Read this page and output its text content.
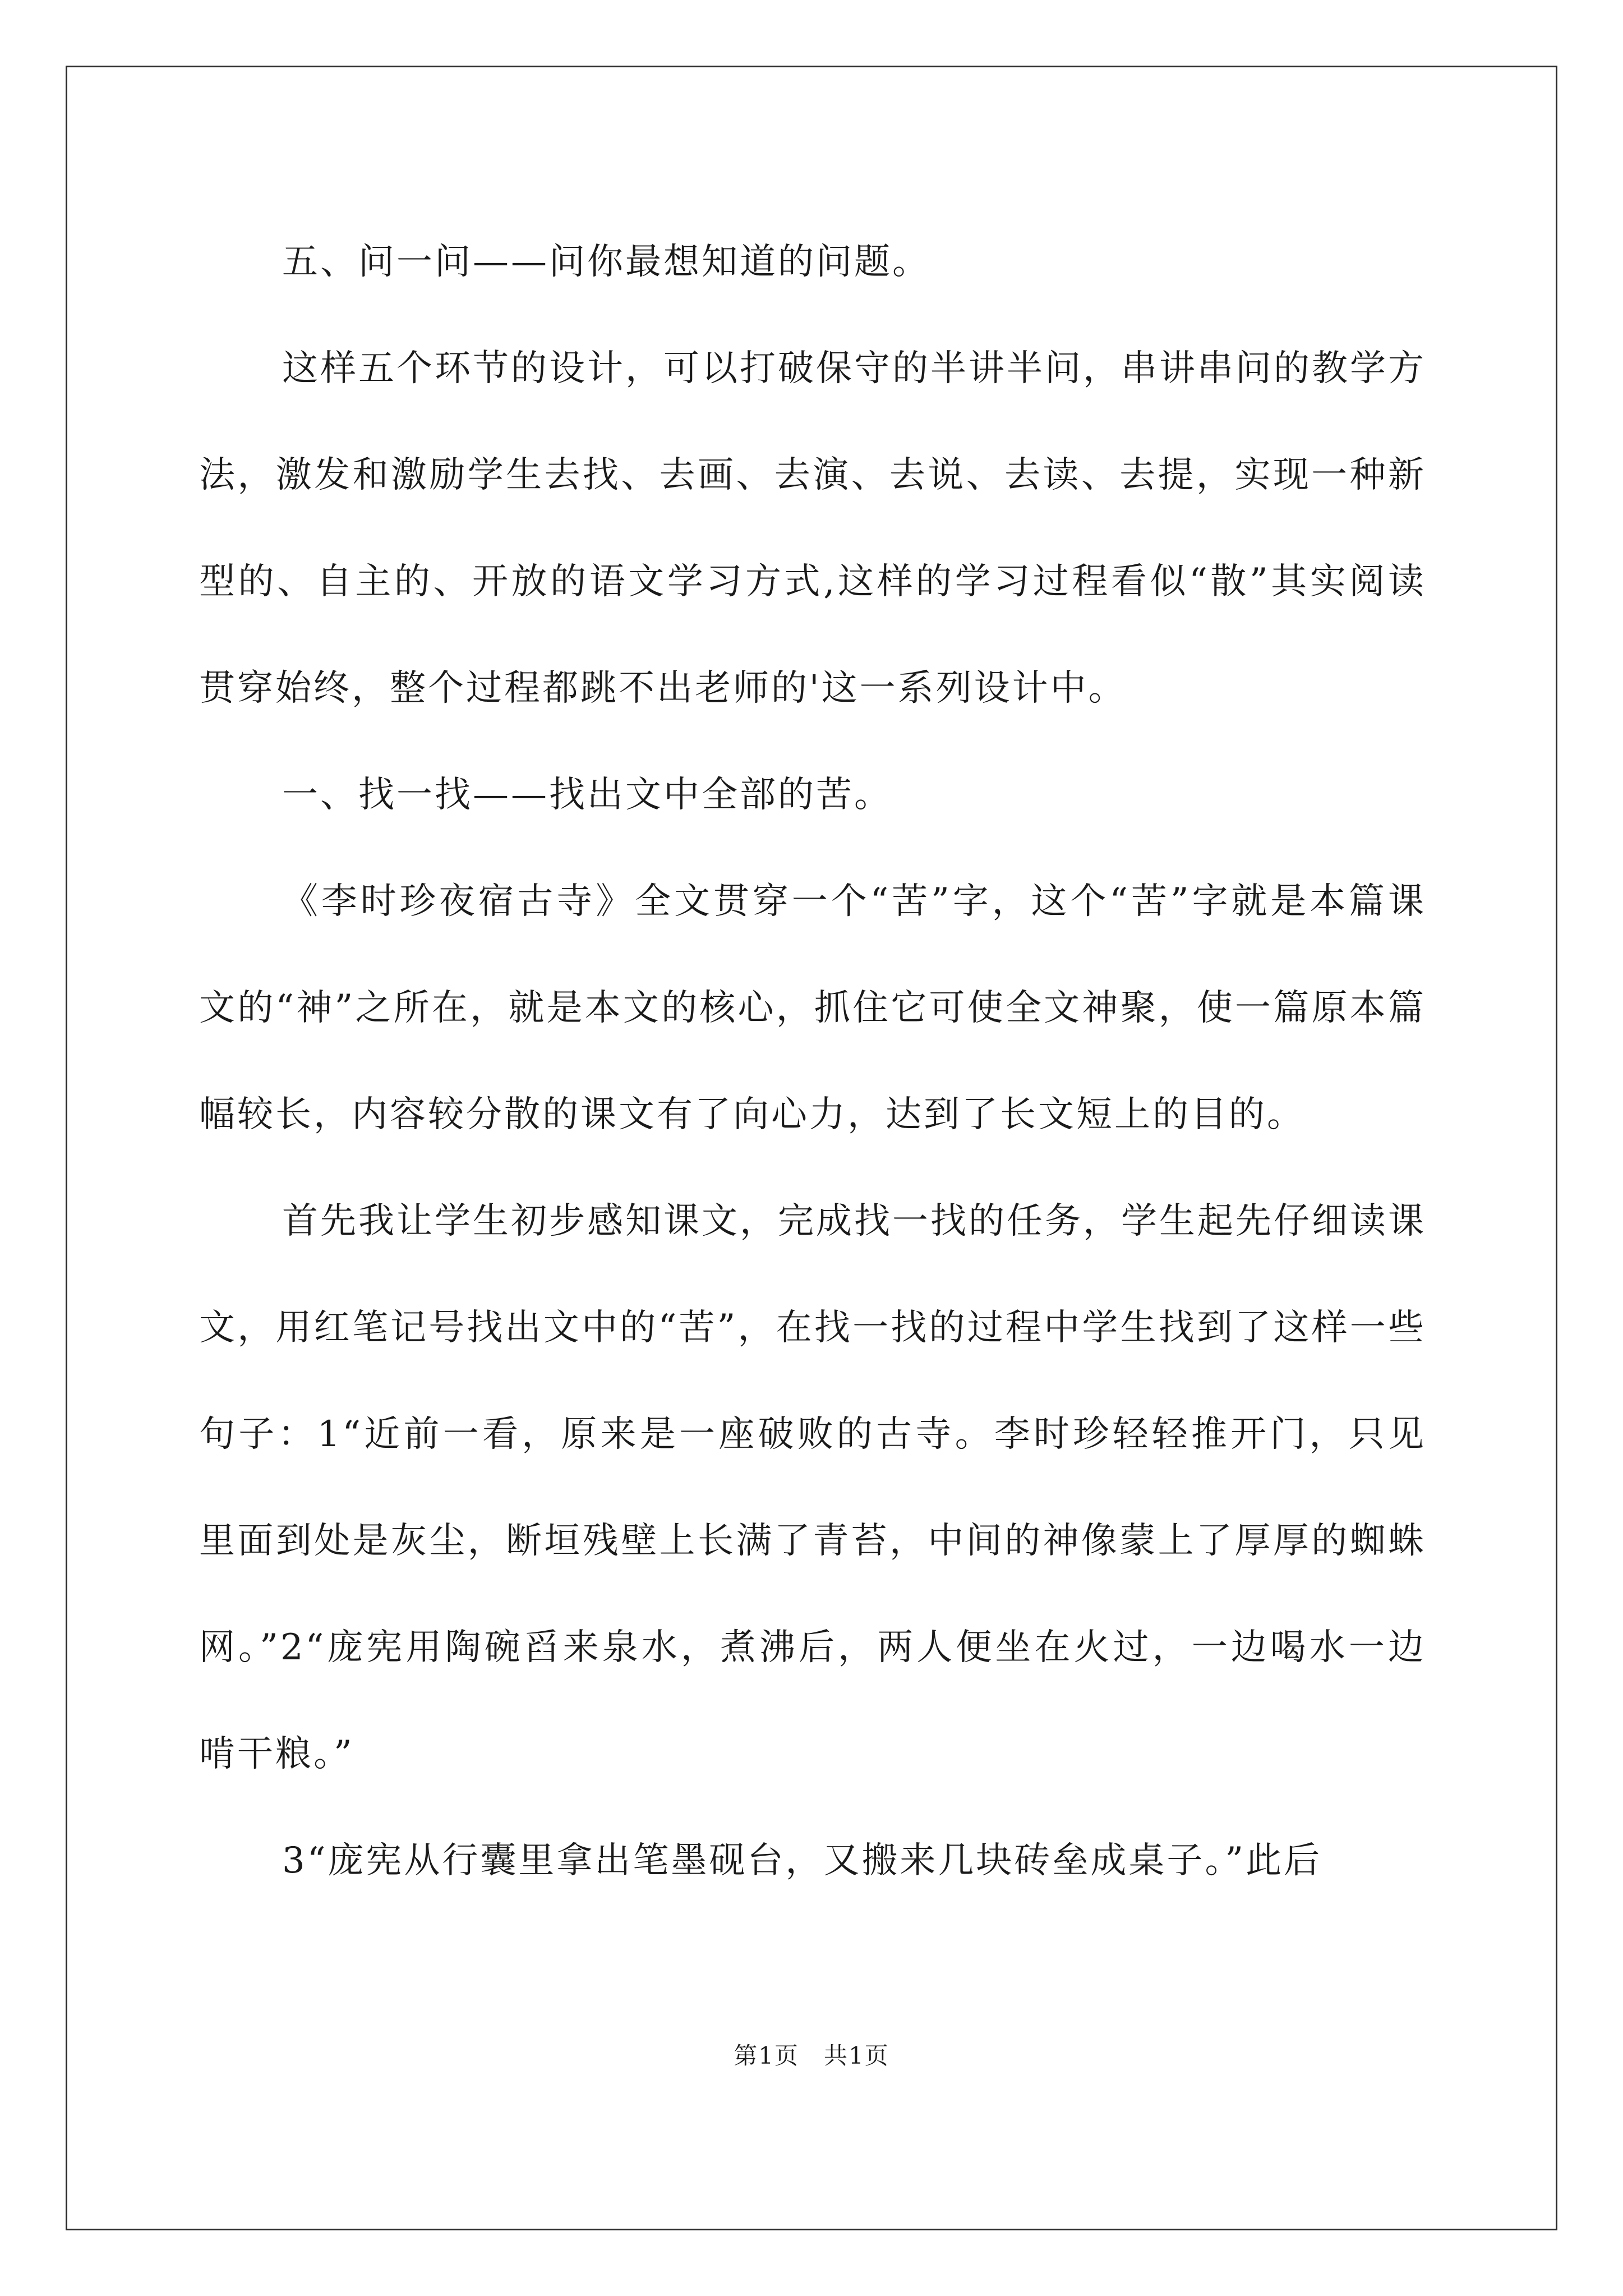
五、问一问——问你最想知道的问题。

这样五个环节的设计，可以打破保守的半讲半问，串讲串问的教学方法，激发和激励学生去找、去画、去演、去说、去读、去提，实现一种新型的、自主的、开放的语文学习方式,这样的学习过程看似“散”其实阅读贯穿始终，整个过程都跳不出老师的'这一系列设计中。

一、找一找——找出文中全部的苦。

《李时珍夜宿古寺》全文贯穿一个“苦”字，这个“苦”字就是本篇课文的“神”之所在，就是本文的核心，抓住它可使全文神聚，使一篇原本篇幅较长，内容较分散的课文有了向心力，达到了长文短上的目的。

首先我让学生初步感知课文，完成找一找的任务，学生起先仔细读课文，用红笔记号找出文中的“苦”，在找一找的过程中学生找到了这样一些句子：1“近前一看，原来是一座破败的古寺。李时珍轻轻推开门，只见里面到处是灰尘，断垣残壁上长满了青苔，中间的神像蒙上了厚厚的蜘蛛网。”2“庞宪用陶碗舀来泉水，煮沸后，两人便坐在火过，一边喝水一边啃干粮。”

3“庞宪从行囊里拿出笔墨砚台，又搬来几块砖垒成桌子。”此后

第1页 共1页
